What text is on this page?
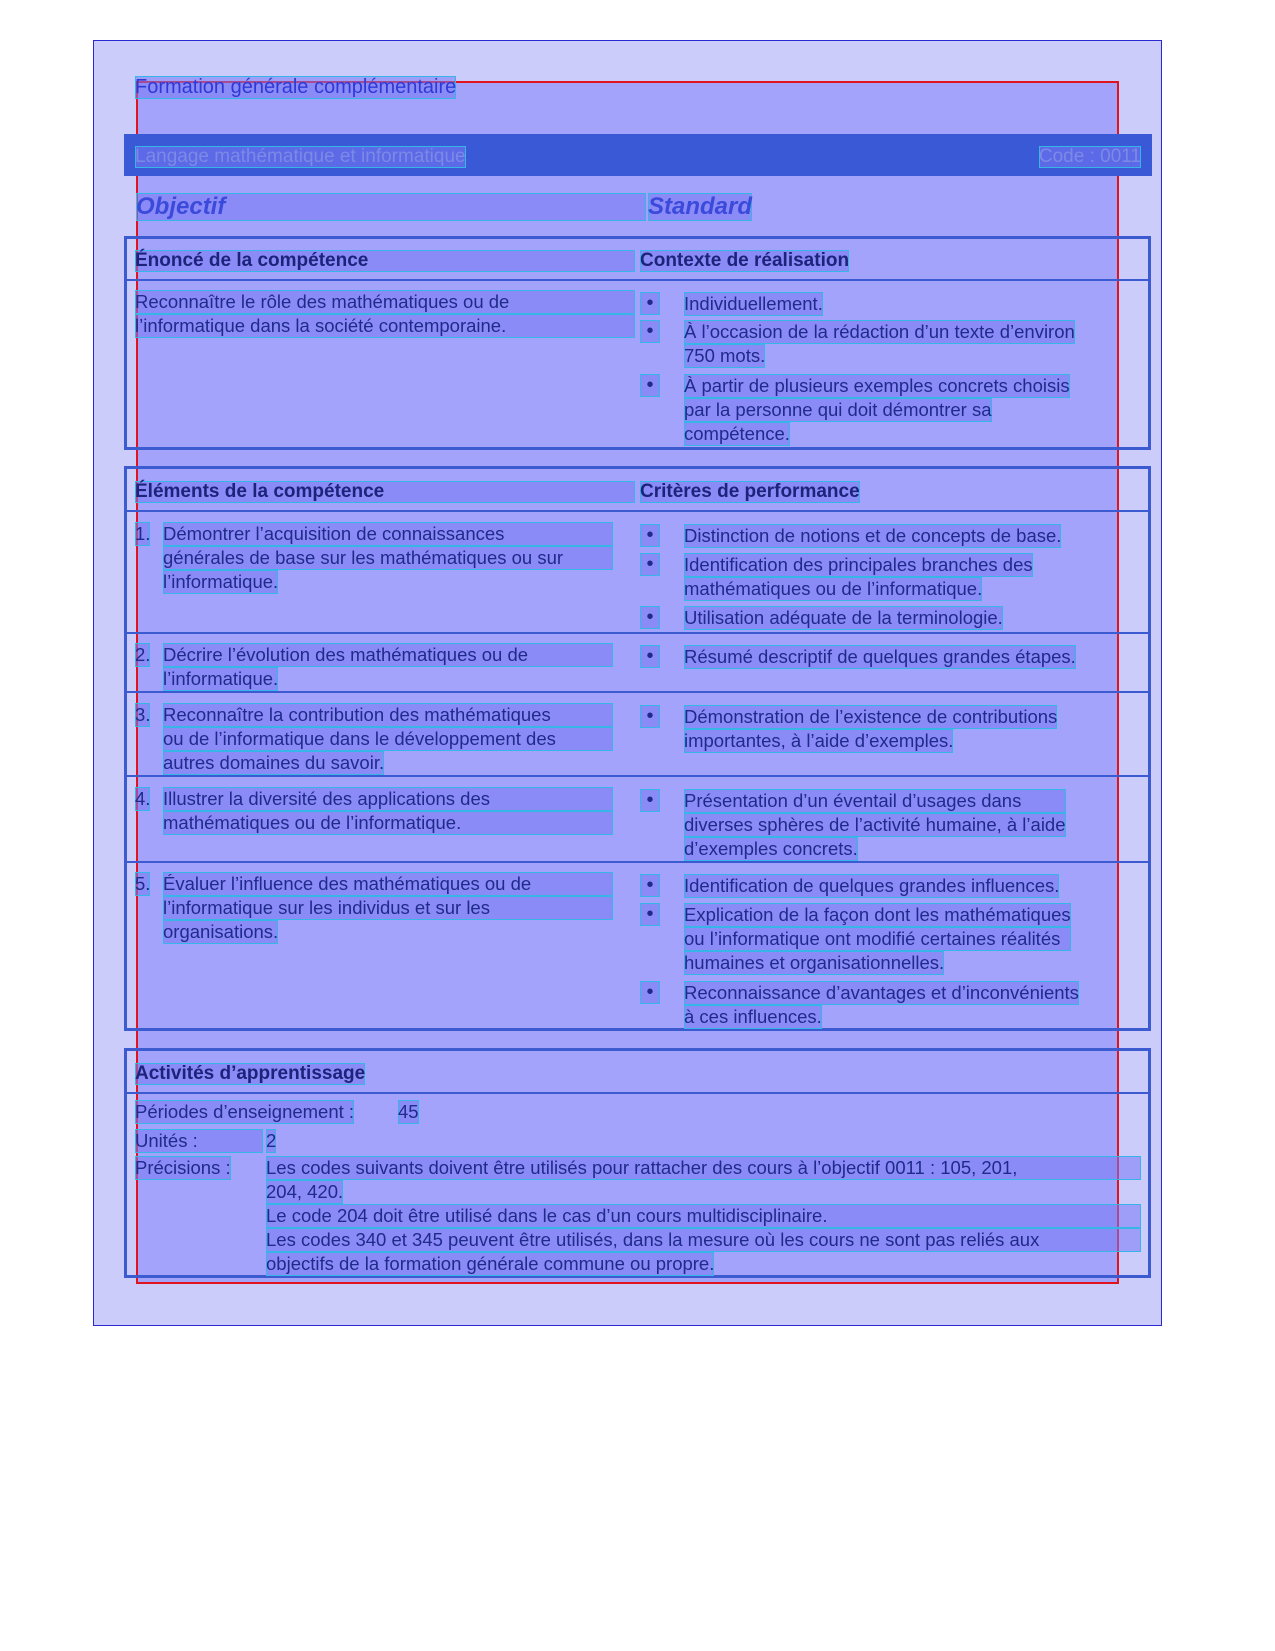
Formation générale complémentaire
Langage mathématique et informatique	Code : 0011
Objectif	Standard
Énoncé de la compétence	Contexte de réalisation
Reconnaître le rôle des mathématiques ou de
l’informatique dans la société contemporaine.
•	Individuellement.
•	À l’occasion de la rédaction d’un texte d’environ
750 mots.
•	À partir de plusieurs exemples concrets choisis
par la personne qui doit démontrer sa
compétence.
Éléments de la compétence	Critères de performance
1. Démontrer l’acquisition de connaissances
générales de base sur les mathématiques ou sur
l’informatique.
•	Distinction de notions et de concepts de base.
•	Identification des principales branches des
mathématiques ou de l’informatique.
•	Utilisation adéquate de la terminologie.
2. Décrire l’évolution des mathématiques ou de
l’informatique.
•	Résumé descriptif de quelques grandes étapes.
3. Reconnaître la contribution des mathématiques
ou de l’informatique dans le développement des
autres domaines du savoir.
•	Démonstration de l’existence de contributions
importantes, à l’aide d’exemples.
4. Illustrer la diversité des applications des
mathématiques ou de l’informatique.
•	Présentation d’un éventail d’usages dans
diverses sphères de l’activité humaine, à l’aide
d’exemples concrets.
5. Évaluer l’influence des mathématiques ou de
l’informatique sur les individus et sur les
organisations.
•	Identification de quelques grandes influences.
•	Explication de la façon dont les mathématiques
ou l’informatique ont modifié certaines réalités
humaines et organisationnelles.
•	Reconnaissance d’avantages et d’inconvénients
à ces influences.
Activités d’apprentissage
Périodes d’enseignement : 45
Unités :	2
Précisions : Les codes suivants doivent être utilisés pour rattacher des cours à l’objectif 0011 : 105, 201,
204, 420.
Le code 204 doit être utilisé dans le cas d’un cours multidisciplinaire.
Les codes 340 et 345 peuvent être utilisés, dans la mesure où les cours ne sont pas reliés aux
objectifs de la formation générale commune ou propre.
